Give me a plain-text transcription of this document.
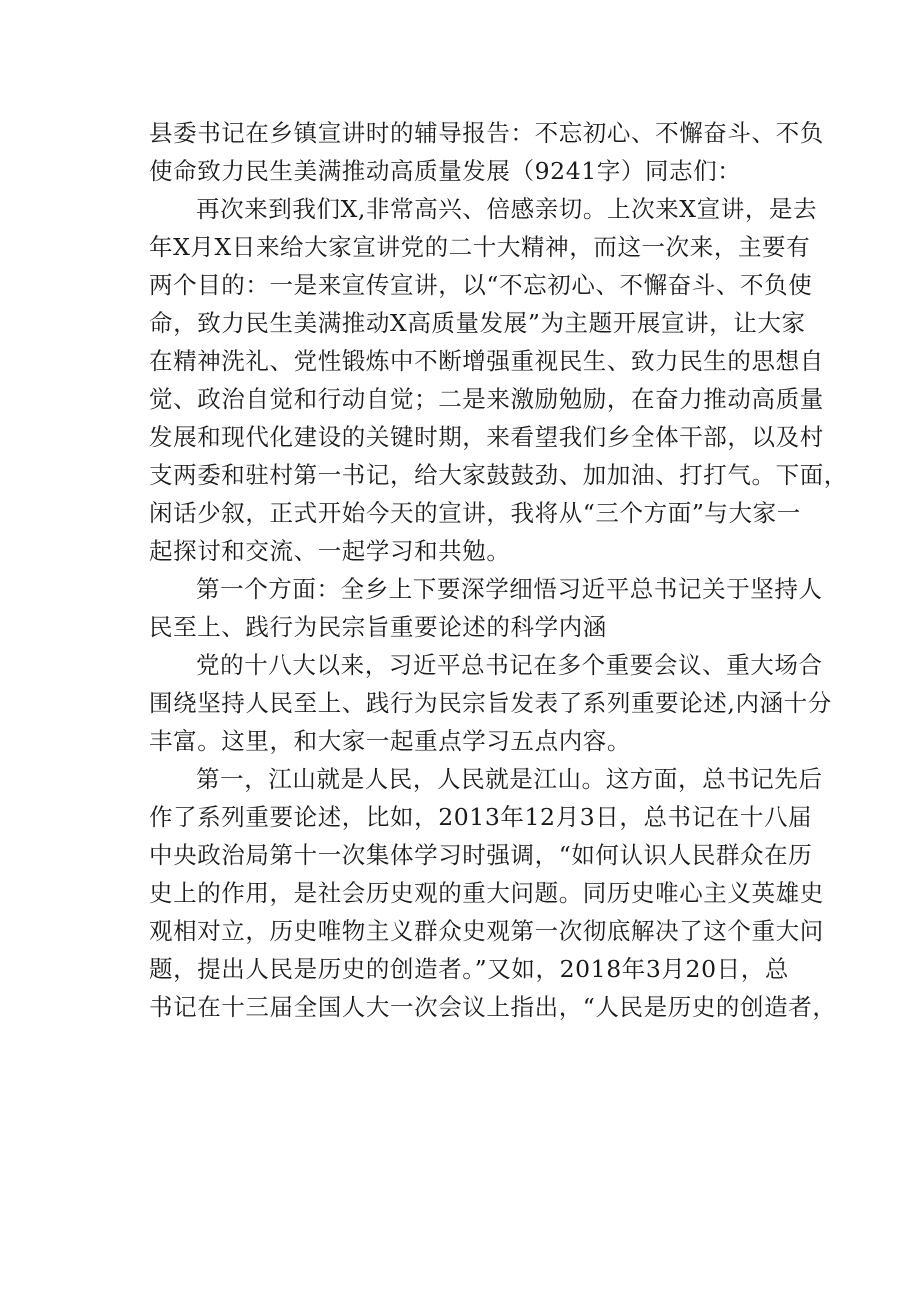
县委书记在乡镇宣讲时的辅导报告：不忘初心、不懈奋斗、不负
使命致力民生美满推动高质量发展（9241字）同志们：

再次来到我们X,非常高兴、倍感亲切。上次来X宣讲，是去
年X月X日来给大家宣讲党的二十大精神，而这一次来，主要有
两个目的：一是来宣传宣讲，以“不忘初心、不懈奋斗、不负使
命，致力民生美满推动X高质量发展”为主题开展宣讲，让大家
在精神洗礼、党性锻炼中不断增强重视民生、致力民生的思想自
觉、政治自觉和行动自觉；二是来激励勉励，在奋力推动高质量
发展和现代化建设的关键时期，来看望我们乡全体干部，以及村
支两委和驻村第一书记，给大家鼓鼓劲、加加油、打打气。下面，
闲话少叙，正式开始今天的宣讲，我将从“三个方面”与大家一
起探讨和交流、一起学习和共勉。

第一个方面：全乡上下要深学细悟习近平总书记关于坚持人
民至上、践行为民宗旨重要论述的科学内涵

党的十八大以来，习近平总书记在多个重要会议、重大场合
围绕坚持人民至上、践行为民宗旨发表了系列重要论述,内涵十分
丰富。这里，和大家一起重点学习五点内容。

第一，江山就是人民，人民就是江山。这方面，总书记先后
作了系列重要论述，比如，2013年12月3日，总书记在十八届
中央政治局第十一次集体学习时强调，“如何认识人民群众在历
史上的作用，是社会历史观的重大问题。同历史唯心主义英雄史
观相对立，历史唯物主义群众史观第一次彻底解决了这个重大问
题，提出人民是历史的创造者。”又如，2018年3月20日，总
书记在十三届全国人大一次会议上指出，“人民是历史的创造者，
